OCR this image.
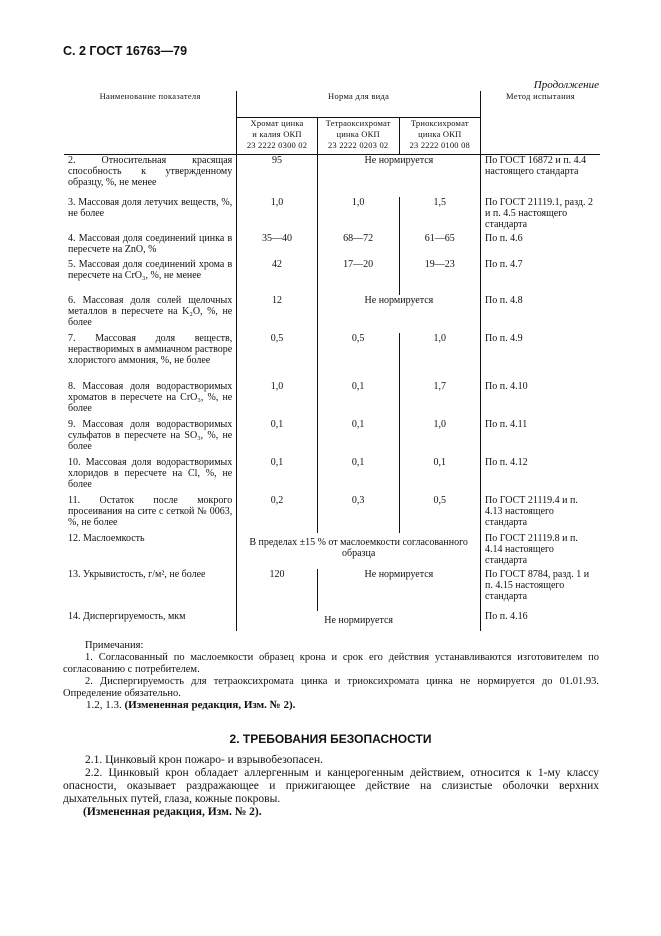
С. 2 ГОСТ 16763—79
Продолжение
Наименование показателя	Норма для вида			Метод испытания
	Хромат цинка
и калия ОКП
23 2222 0300 02	Тетраоксихромат
цинка ОКП
23 2222 0203 02	Триоксихромат
цинка ОКП
23 2222 0100 08	
2. Относительная красящая способность к утвержденному образцу, %, не менее	95	Не нормируется		По ГОСТ 16872 и п. 4.4 настоящего стандарта
3. Массовая доля летучих веществ, %, не более	1,0	1,0	1,5	По ГОСТ 21119.1, разд. 2 и п. 4.5 настоящего стандарта
4. Массовая доля соединений цинка в пересчете на ZnO, %	35—40	68—72	61—65	По п. 4.6
5. Массовая доля соединений хрома в пересчете на CrO₃, %, не менее	42	17—20	19—23	По п. 4.7
6. Массовая доля солей щелочных металлов в пересчете на K₂O, %, не более	12	Не нормируется		По п. 4.8
7. Массовая доля веществ, нерастворимых в аммиачном растворе хлористого аммония, %, не более	0,5	0,5	1,0	По п. 4.9
8. Массовая доля водорастворимых хроматов в пересчете на CrO₃, %, не более	1,0	0,1	1,7	По п. 4.10
9. Массовая доля водорастворимых сульфатов в пересчете на SO₃, %, не более	0,1	0,1	1,0	По п. 4.11
10. Массовая доля водорастворимых хлоридов в пересчете на Cl, %, не более	0,1	0,1	0,1	По п. 4.12
11. Остаток после мокрого просеивания на сите с сеткой № 0063, %, не более	0,2	0,3	0,5	По ГОСТ 21119.4 и п. 4.13 настоящего стандарта
12. Маслоемкость	В пределах ±15 % от маслоемкости согласованного образца			По ГОСТ 21119.8 и п. 4.14 настоящего стандарта
13. Укрывистость, г/м², не более	120	Не нормируется		По ГОСТ 8784, разд. 1 и п. 4.15 настоящего стандарта
14. Диспергируемость, мкм	Не нормируется			По п. 4.16

Примечания:

1. Согласованный по маслоемкости образец крона и срок его действия устанавливаются изготовителем по согласованию с потребителем.

2. Диспергируемость для тетраоксихромата цинка и триоксихромата цинка не нормируется до 01.01.93. Определение обязательно.

1.2, 1.3. (Измененная редакция, Изм. № 2).
2. ТРЕБОВАНИЯ БЕЗОПАСНОСТИ

2.1. Цинковый крон пожаро- и взрывобезопасен.

2.2. Цинковый крон обладает аллергенным и канцерогенным действием, относится к 1-му классу опасности, оказывает раздражающее и прижигающее действие на слизистые оболочки верхних дыхательных путей, глаза, кожные покровы.

(Измененная редакция, Изм. № 2).
